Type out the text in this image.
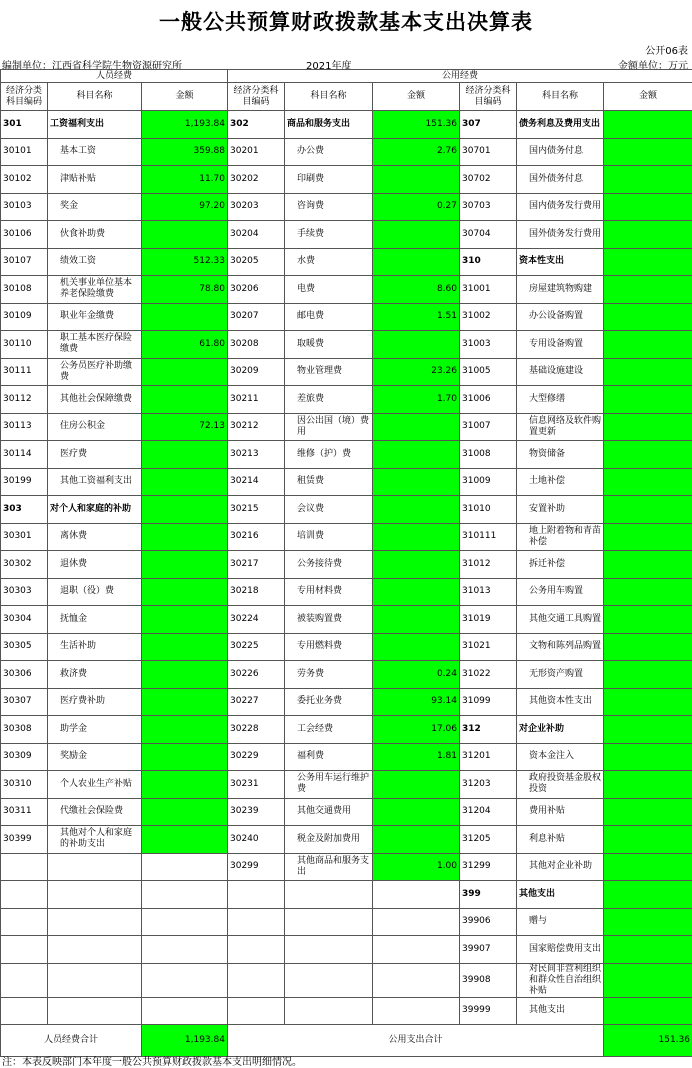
一般公共预算财政拨款基本支出决算表
公开06表
编制单位：江西省科学院生物资源研究所	2021年度	金额单位：万元
人员经费			公用经费					
经济分类科目编码	科目名称	金额	经济分类科目编码	科目名称	金额	经济分类科目编码	科目名称	金额
301	工资福利支出	1,193.84	302	商品和服务支出	151.36	307	债务利息及费用支出	
30101	基本工资	359.88	30201	办公费	2.76	30701	国内债务付息	
30102	津贴补贴	11.70	30202	印刷费		30702	国外债务付息	
30103	奖金	97.20	30203	咨询费	0.27	30703	国内债务发行费用	
30106	伙食补助费		30204	手续费		30704	国外债务发行费用	
30107	绩效工资	512.33	30205	水费		310	资本性支出	
30108	机关事业单位基本养老保险缴费	78.80	30206	电费	8.60	31001	房屋建筑物购建	
30109	职业年金缴费		30207	邮电费	1.51	31002	办公设备购置	
30110	职工基本医疗保险缴费	61.80	30208	取暖费		31003	专用设备购置	
30111	公务员医疗补助缴费		30209	物业管理费	23.26	31005	基础设施建设	
30112	其他社会保障缴费		30211	差旅费	1.70	31006	大型修缮	
30113	住房公积金	72.13	30212	因公出国（境）费用		31007	信息网络及软件购置更新	
30114	医疗费		30213	维修（护）费		31008	物资储备	
30199	其他工资福利支出		30214	租赁费		31009	土地补偿	
303	对个人和家庭的补助		30215	会议费		31010	安置补助	
30301	离休费		30216	培训费		310111	地上附着物和青苗补偿	
30302	退休费		30217	公务接待费		31012	拆迁补偿	
30303	退职（役）费		30218	专用材料费		31013	公务用车购置	
30304	抚恤金		30224	被装购置费		31019	其他交通工具购置	
30305	生活补助		30225	专用燃料费		31021	文物和陈列品购置	
30306	救济费		30226	劳务费	0.24	31022	无形资产购置	
30307	医疗费补助		30227	委托业务费	93.14	31099	其他资本性支出	
30308	助学金		30228	工会经费	17.06	312	对企业补助	
30309	奖励金		30229	福利费	1.81	31201	资本金注入	
30310	个人农业生产补贴		30231	公务用车运行维护费		31203	政府投资基金股权投资	
30311	代缴社会保险费		30239	其他交通费用		31204	费用补贴	
30399	其他对个人和家庭的补助支出		30240	税金及附加费用		31205	利息补贴	
			30299	其他商品和服务支出	1.00	31299	其他对企业补助	
						399	其他支出	
						39906	赠与	
						39907	国家赔偿费用支出	
						39908	对民间非营利组织和群众性自治组织补贴	
						39999	其他支出	
人员经费合计		1,193.84	公用支出合计					151.36
注：本表反映部门本年度一般公共预算财政拨款基本支出明细情况。
